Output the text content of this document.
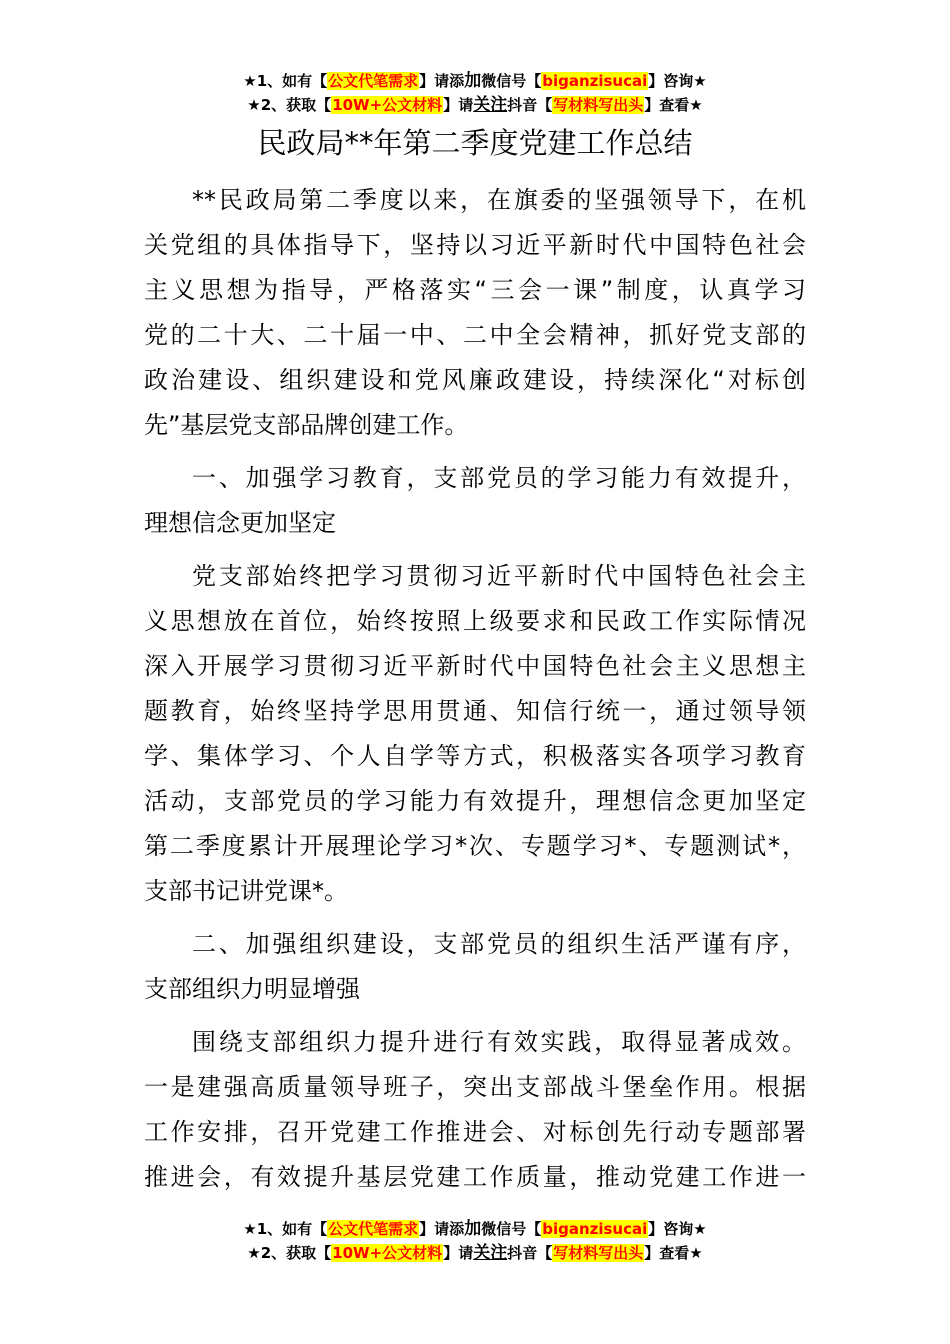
★1、如有【公文代笔需求】请添加微信号【biganzisucai】咨询★
★2、获取【10W+公文材料】请关注抖音【写材料写出头】查看★
民政局**年第二季度党建工作总结
**民政局第二季度以来，在旗委的坚强领导下，在机
关党组的具体指导下，坚持以习近平新时代中国特色社会
主义思想为指导，严格落实“三会一课”制度，认真学习
党的二十大、二十届一中、二中全会精神，抓好党支部的
政治建设、组织建设和党风廉政建设，持续深化“对标创
先”基层党支部品牌创建工作。
一、加强学习教育，支部党员的学习能力有效提升，
理想信念更加坚定
党支部始终把学习贯彻习近平新时代中国特色社会主
义思想放在首位，始终按照上级要求和民政工作实际情况
深入开展学习贯彻习近平新时代中国特色社会主义思想主
题教育，始终坚持学思用贯通、知信行统一，通过领导领
学、集体学习、个人自学等方式，积极落实各项学习教育
活动，支部党员的学习能力有效提升，理想信念更加坚定
第二季度累计开展理论学习*次、专题学习*、专题测试*，
支部书记讲党课*。
二、加强组织建设，支部党员的组织生活严谨有序，
支部组织力明显增强
围绕支部组织力提升进行有效实践，取得显著成效。
一是建强高质量领导班子，突出支部战斗堡垒作用。根据
工作安排，召开党建工作推进会、对标创先行动专题部署
推进会，有效提升基层党建工作质量，推动党建工作进一
★1、如有【公文代笔需求】请添加微信号【biganzisucai】咨询★
★2、获取【10W+公文材料】请关注抖音【写材料写出头】查看★
